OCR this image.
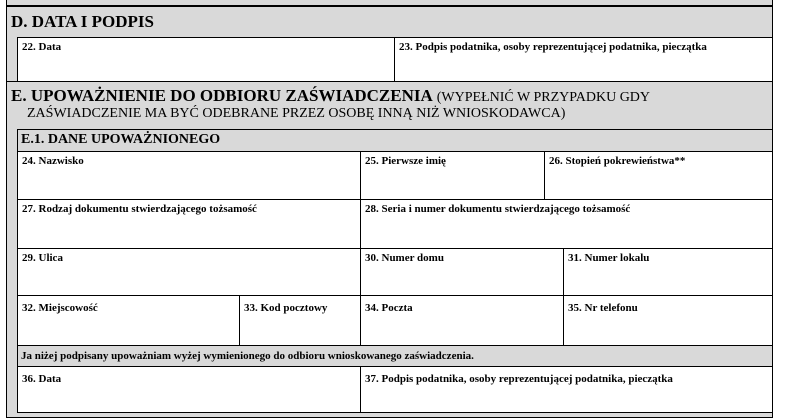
D. DATA I PODPIS
22. Data	23. Podpis podatnika, osoby reprezentującej podatnika, pieczątka
E. UPOWAŻNIENIE DO ODBIORU ZAŚWIADCZENIA (WYPEŁNIĆ W PRZYPADKU GDY
ZAŚWIADCZENIE MA BYĆ ODEBRANE PRZEZ OSOBĘ INNĄ NIŻ WNIOSKODAWCA)
E.1. DANE UPOWAŻNIONEGO
24. Nazwisko	25. Pierwsze imię	26. Stopień pokrewieństwa**
27. Rodzaj dokumentu stwierdzającego tożsamość	28. Seria i numer dokumentu stwierdzającego tożsamość
29. Ulica	30. Numer domu	31. Numer lokalu
32. Miejscowość	33. Kod pocztowy	34. Poczta	35. Nr telefonu
Ja niżej podpisany upoważniam wyżej wymienionego do odbioru wnioskowanego zaświadczenia.
36. Data	37. Podpis podatnika, osoby reprezentującej podatnika, pieczątka
